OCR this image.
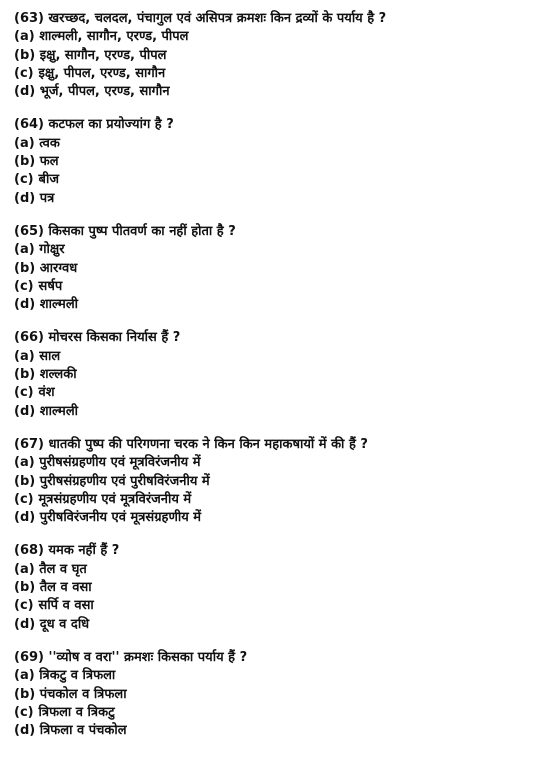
(63) खरच्छद, चलदल, पंचागुल एवं असिपत्र क्रमशः किन द्रव्यों के पर्याय है ?
(a) शाल्मली, सागौन, एरण्ड, पीपल
(b) इक्षु, सागौन, एरण्ड, पीपल
(c) इक्षु, पीपल, एरण्ड, सागौन
(d) भूर्ज, पीपल, एरण्ड, सागौन
(64) कटफल का प्रयोज्यांग है ?
(a) त्वक
(b) फल
(c) बीज
(d) पत्र
(65) किसका पुष्प पीतवर्ण का नहीं होता है ?
(a) गोक्षुर
(b) आरग्वध
(c) सर्षप
(d) शाल्मली
(66) मोचरस किसका निर्यास हैं ?
(a) साल
(b) शल्लकी
(c) वंश
(d) शाल्मली
(67) धातकी पुष्प की परिगणना चरक ने किन किन महाकषायों में की हैं ?
(a) पुरीषसंग्रहणीय एवं मूत्रविरंजनीय में
(b) पुरीषसंग्रहणीय एवं पुरीषविरंजनीय में
(c) मूत्रसंग्रहणीय एवं मूत्रविरंजनीय में
(d) पुरीषविरंजनीय एवं मूत्रसंग्रहणीय में
(68) यमक नहीं हैं ?
(a) तैल व घृत
(b) तैल व वसा
(c) सर्पि व वसा
(d) दूध व दधि
(69) ''व्योष व वरा'' क्रमशः किसका पर्याय हैं ?
(a) त्रिकटु व त्रिफला
(b) पंचकोल व त्रिफला
(c) त्रिफला व त्रिकटु
(d) त्रिफला व पंचकोल
